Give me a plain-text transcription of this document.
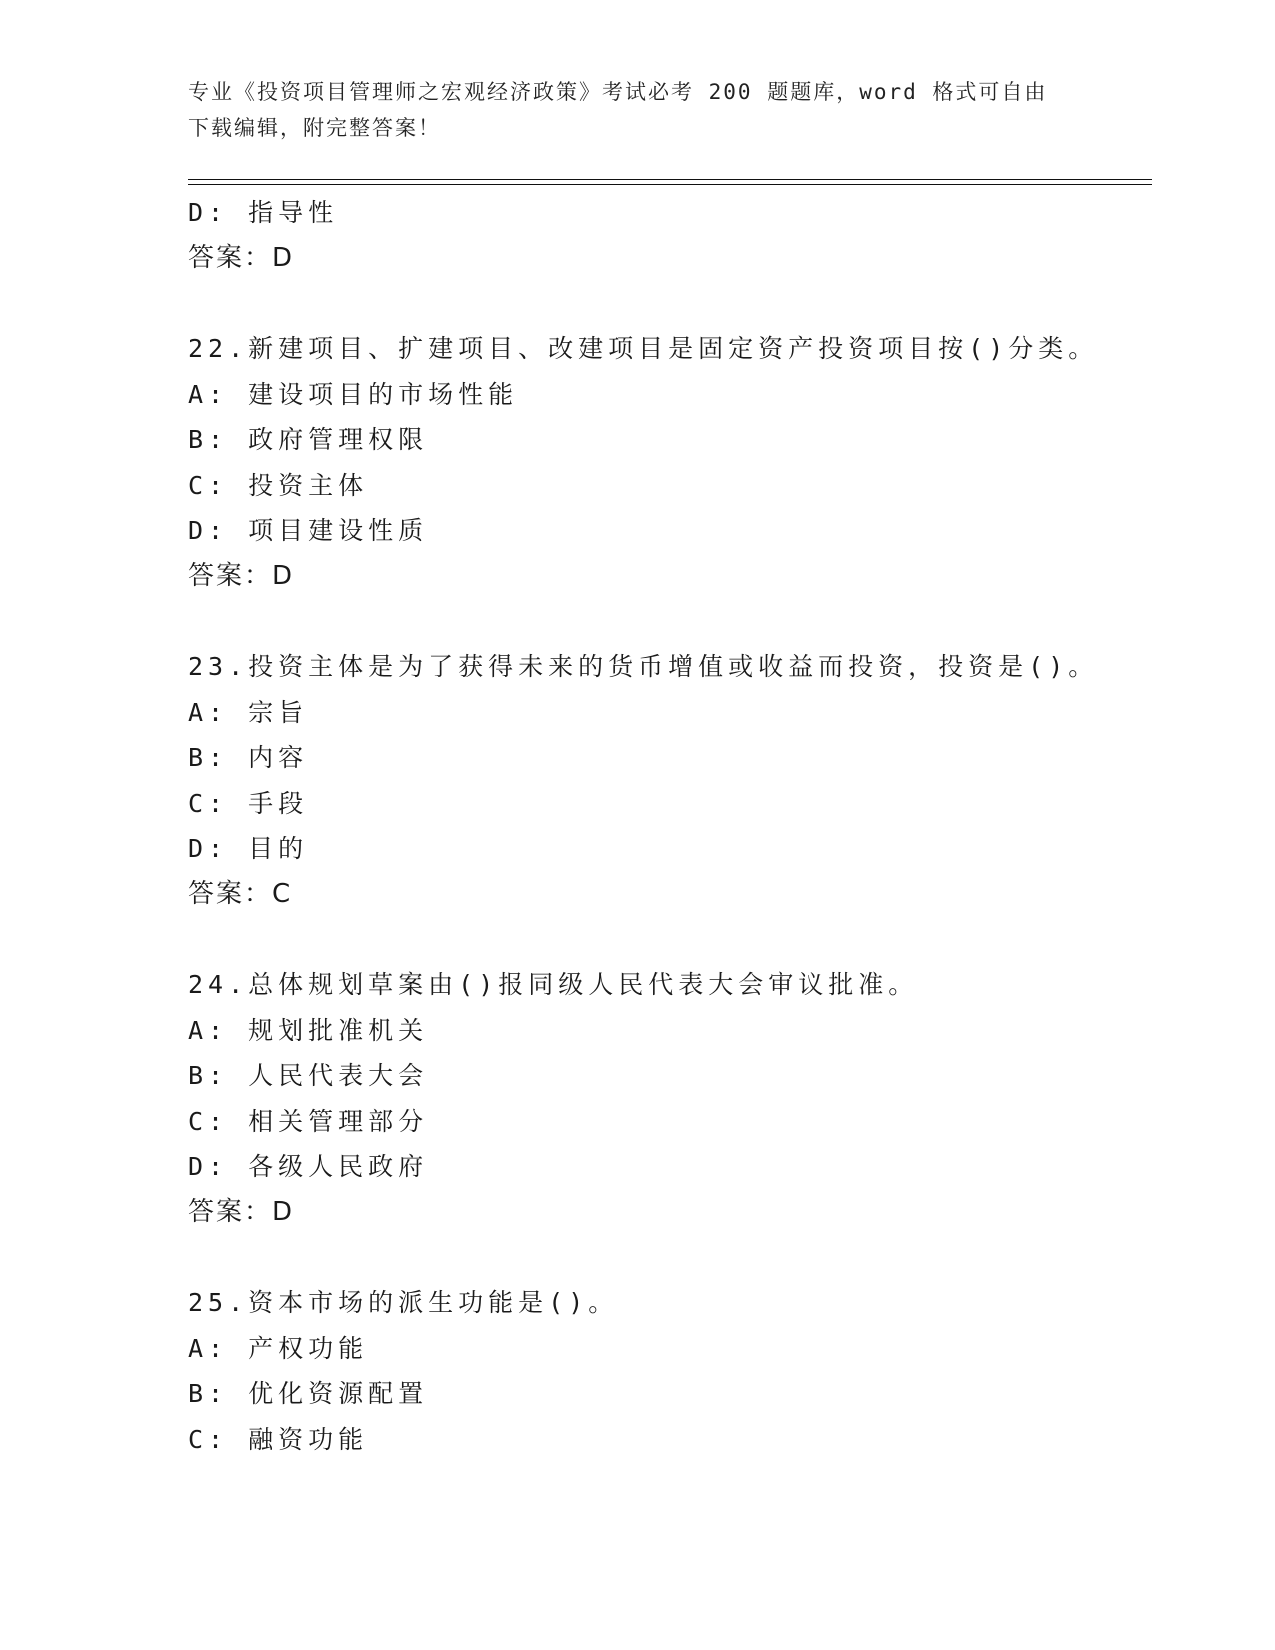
专业《投资项目管理师之宏观经济政策》考试必考 200 题题库，word 格式可自由
下载编辑，附完整答案！
D: 指导性
答案：D
22.新建项目、扩建项目、改建项目是固定资产投资项目按()分类。
A: 建设项目的市场性能
B: 政府管理权限
C: 投资主体
D: 项目建设性质
答案：D
23.投资主体是为了获得未来的货币增值或收益而投资，投资是()。
A: 宗旨
B: 内容
C: 手段
D: 目的
答案：C
24.总体规划草案由()报同级人民代表大会审议批准。
A: 规划批准机关
B: 人民代表大会
C: 相关管理部分
D: 各级人民政府
答案：D
25.资本市场的派生功能是()。
A: 产权功能
B: 优化资源配置
C: 融资功能
